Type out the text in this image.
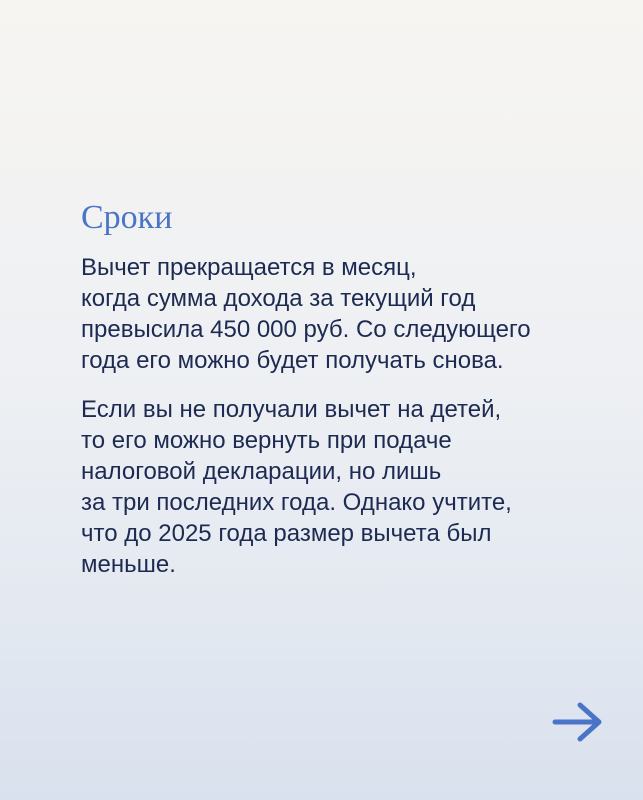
Сроки

Вычет прекращается в месяц,
когда сумма дохода за текущий год
превысила 450 000 руб. Со следующего
года его можно будет получать снова.

Если вы не получали вычет на детей,
то его можно вернуть при подаче
налоговой декларации, но лишь
за три последних года. Однако учтите,
что до 2025 года размер вычета был
меньше.
